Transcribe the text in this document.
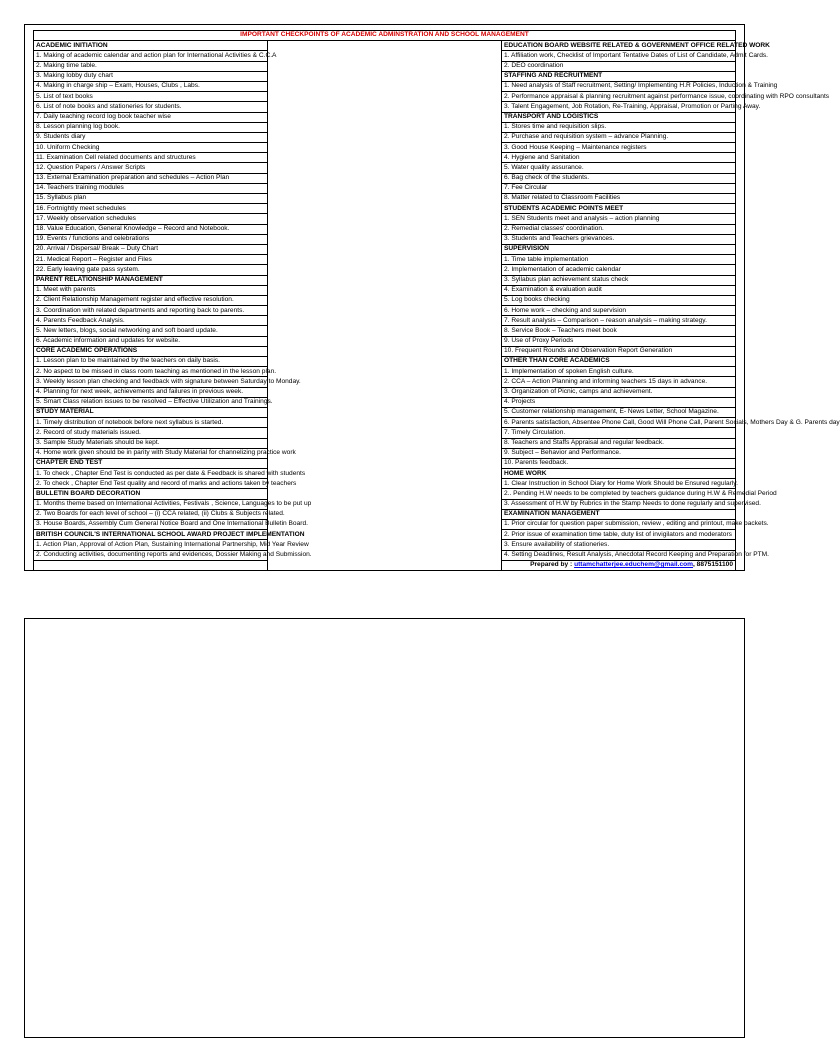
IMPORTANT CHECKPOINTS OF ACADEMIC ADMINSTRATION AND SCHOOL MANAGEMENT		
ACADEMIC INITIATION		EDUCATION BOARD WEBSITE RELATED & GOVERNMENT OFFICE RELATED WORK
1. Making of academic calendar and action plan for International Activities & C.C.A		1. Affiliation work, Checklist of Important Tentative Dates of List of Candidate, Admit Cards.
2. Making time table.		2. DEO coordination
3. Making lobby duty chart		STAFFING AND RECRUITMENT
4. Making in charge ship – Exam, Houses, Clubs , Labs.		1. Need analysis of Staff recruitment, Setting/ Implementing H.R Policies, Induction & Training
5. List of text books		2. Performance appraisal & planning recruitment against performance issue, coordinating with RPO consultants
6. List of note books and stationeries for students.		3. Talent Engagement, Job Rotation, Re-Training, Appraisal, Promotion or Parting Away.
7. Daily teaching record log book teacher wise		TRANSPORT AND LOGISTICS
8. Lesson planning log book.		1. Stores time and requisition slips.
9. Students diary		2. Purchase and requisition system – advance Planning.
10. Uniform Checking		3. Good House Keeping – Maintenance registers
11. Examination Cell related documents and structures		4. Hygiene and Sanitation
12. Question Papers / Answer Scripts		5. Water quality assurance.
13. External Examination preparation and schedules – Action Plan		6. Bag check of the students.
14. Teachers training modules		7. Fee Circular
15. Syllabus plan		8. Matter related to Classroom Facilities
16. Fortnightly meet schedules		STUDENTS ACADEMIC POINTS MEET
17. Weekly observation schedules		1. SEN Students meet and analysis – action planning
18. Value Education, General Knowledge – Record and Notebook.		2. Remedial classes' coordination.
19. Events / functions and celebrations		3. Students and Teachers grievances.
20. Arrival / Dispersal/ Break – Duty Chart		SUPERVISION
21. Medical Report – Register and Files		1. Time table implementation
22. Early leaving gate pass system.		2. Implementation of academic calendar
PARENT RELATIONSHIP MANAGEMENT		3. Syllabus plan achievement status check
1. Meet with parents		4. Examination & evaluation audit
2. Client Relationship Management register and effective resolution.		5. Log books checking
3. Coordination with related departments and reporting back to parents.		6. Home work – checking and supervision
4. Parents Feedback Analysis.		7. Result analysis – Comparison – reason analysis – making strategy.
5. New letters, blogs, social networking and soft board update.		8. Service Book – Teachers meet book
6. Academic information and updates for website.		9. Use of Proxy Periods
CORE ACADEMIC OPERATIONS		10. Frequent Rounds and Observation Report Generation
1. Lesson plan to be maintained by the teachers on daily basis.		OTHER THAN CORE ACADEMICS
2. No aspect to be missed in class room teaching as mentioned in the lesson plan.		1. Implementation of spoken English culture.
3. Weekly lesson plan checking and feedback with signature between Saturday to Monday.		2. CCA – Action Planning and informing teachers 15 days in advance.
4. Planning for next week, achievements and failures in previous week.		3. Organization of Picnic, camps and achievement.
5. Smart Class relation issues to be resolved – Effective Utilization and Trainings.		4. Projects
STUDY MATERIAL		5. Customer relationship management, E- News Letter, School Magazine.
1. Timely distribution of notebook before next syllabus is started.		6. Parents satisfaction, Absentee Phone Call, Good Will Phone Call, Parent Socials, Mothers Day & G. Parents day
2. Record of study materials issued.		7. Timely Circulation.
3. Sample Study Materials should be kept.		8. Teachers and Staffs Appraisal and regular feedback.
4. Home work given should be in parity with Study Material for channelizing practice work		9. Subject – Behavior and Performance.
CHAPTER END TEST		10. Parents feedback.
1. To check , Chapter End Test is conducted as per date & Feedback is shared with students		HOME WORK
2. To check , Chapter End Test quality and record of marks and actions taken by teachers		1. Clear Instruction in School Diary for Home Work Should be Ensured regularly.
BULLETIN BOARD DECORATION		2.. Pending H.W needs to be completed by teachers guidance during H.W & Remedial Period
1. Months theme based on International Activities, Festivals , Science, Languages to be put up		3. Assessment of H.W by Rubrics in the Stamp Needs to done regularly and supervised.
2. Two Boards for each level of school – (i) CCA related, (ii) Clubs & Subjects related.		EXAMINATION MANAGEMENT
3. House Boards, Assembly Cum General Notice Board and One International Bulletin Board.		1. Prior circular for question paper submission, review , editing and printout, make packets.
BRITISH COUNCIL'S INTERNATIONAL SCHOOL AWARD PROJECT IMPLEMENTATION		2. Prior issue of examination time table, duty list of invigilators and moderators
1. Action Plan, Approval of Action Plan, Sustaining International Partnership, Mid Year Review		3. Ensure availability of stationeries.
2. Conducting activities, documenting reports and evidences, Dossier Making and Submission.		4. Setting Deadlines, Result Analysis, Anecdotal Record Keeping and Preparation for PTM.
		Prepared by : uttamchatterjee.educhem@gmail.com, 8875151100
